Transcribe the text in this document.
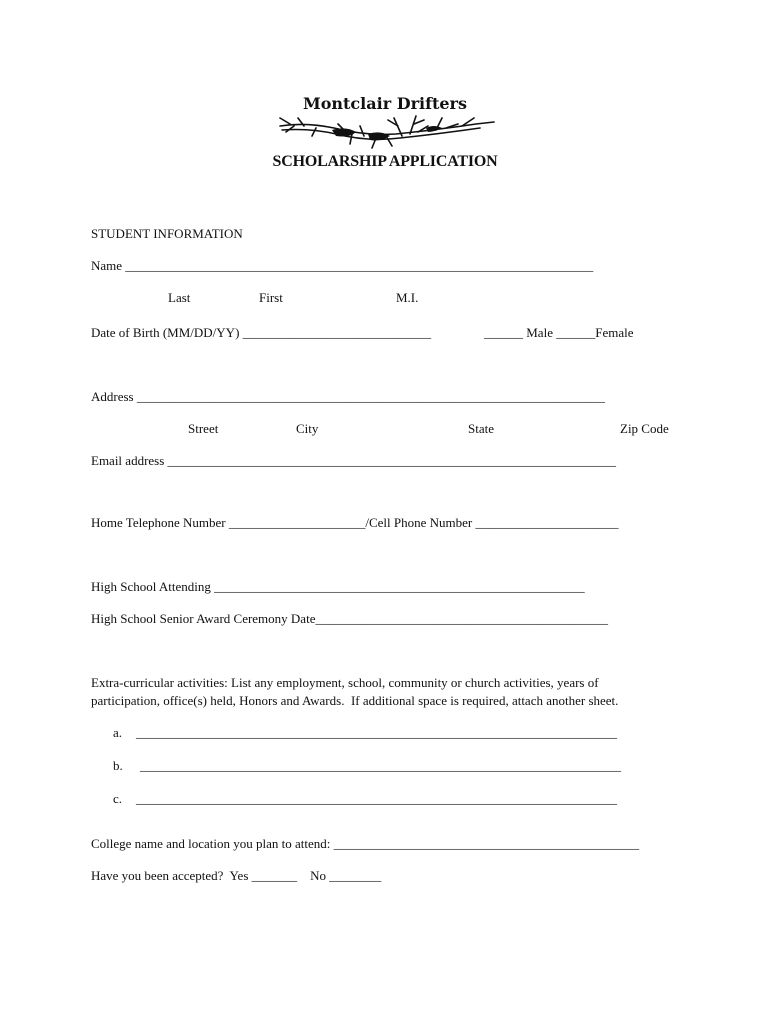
Montclair Drifters
SCHOLARSHIP APPLICATION
STUDENT INFORMATION
Name ________________________________________________________________________
Last	First	M.I.
Date of Birth (MM/DD/YY) _____________________________	______ Male ______Female
Address ________________________________________________________________________
Street	City	State	Zip Code
Email address _____________________________________________________________________
Home Telephone Number _____________________/Cell Phone Number ______________________
High School Attending _________________________________________________________
High School Senior Award Ceremony Date_____________________________________________
Extra-curricular activities: List any employment, school, community or church activities, years of
participation, office(s) held, Honors and Awards.  If additional space is required, attach another sheet.
a. __________________________________________________________________________
b. __________________________________________________________________________
c. __________________________________________________________________________
College name and location you plan to attend: _______________________________________________
Have you been accepted?  Yes _______    No ________
